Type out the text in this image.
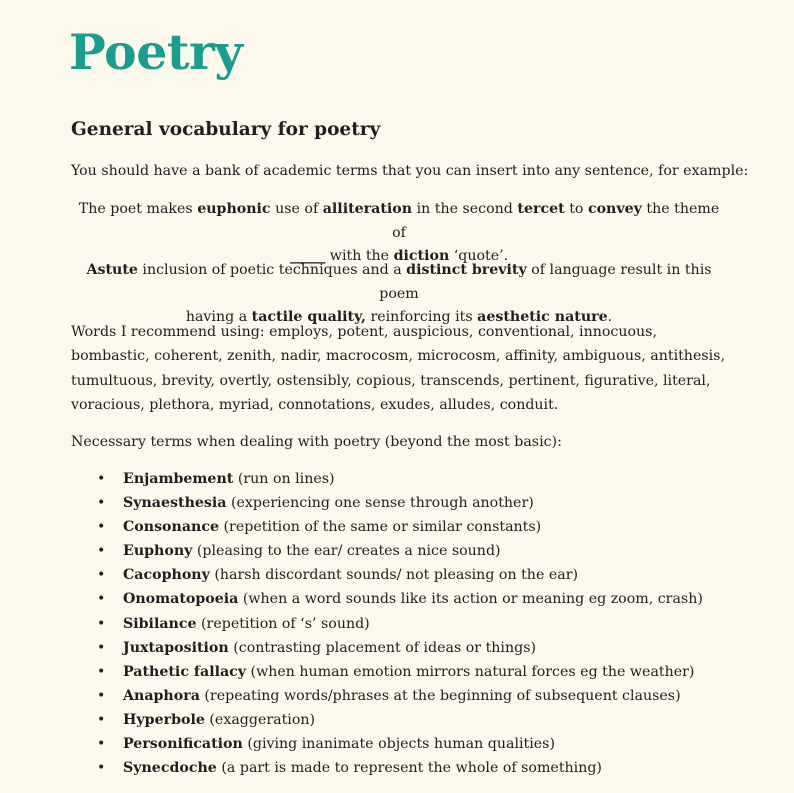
Poetry
General vocabulary for poetry

You should have a bank of academic terms that you can insert into any sentence, for example:

The poet makes euphonic use of alliteration in the second tercet to convey the theme of
_____ with the diction ‘quote’.

Astute inclusion of poetic techniques and a distinct brevity of language result in this poem
having a tactile quality, reinforcing its aesthetic nature.

Words I recommend using: employs, potent, auspicious, conventional, innocuous, bombastic, coherent, zenith, nadir, macrocosm, microcosm, affinity, ambiguous, antithesis, tumultuous, brevity, overtly, ostensibly, copious, transcends, pertinent, figurative, literal, voracious, plethora, myriad, connotations, exudes, alludes, conduit.

Necessary terms when dealing with poetry (beyond the most basic):

• Enjambement (run on lines)
• Synaesthesia (experiencing one sense through another)
• Consonance (repetition of the same or similar constants)
• Euphony (pleasing to the ear/ creates a nice sound)
• Cacophony (harsh discordant sounds/ not pleasing on the ear)
• Onomatopoeia (when a word sounds like its action or meaning eg zoom, crash)
• Sibilance (repetition of ‘s’ sound)
• Juxtaposition (contrasting placement of ideas or things)
• Pathetic fallacy (when human emotion mirrors natural forces eg the weather)
• Anaphora (repeating words/phrases at the beginning of subsequent clauses)
• Hyperbole (exaggeration)
• Personification (giving inanimate objects human qualities)
• Synecdoche (a part is made to represent the whole of something)
